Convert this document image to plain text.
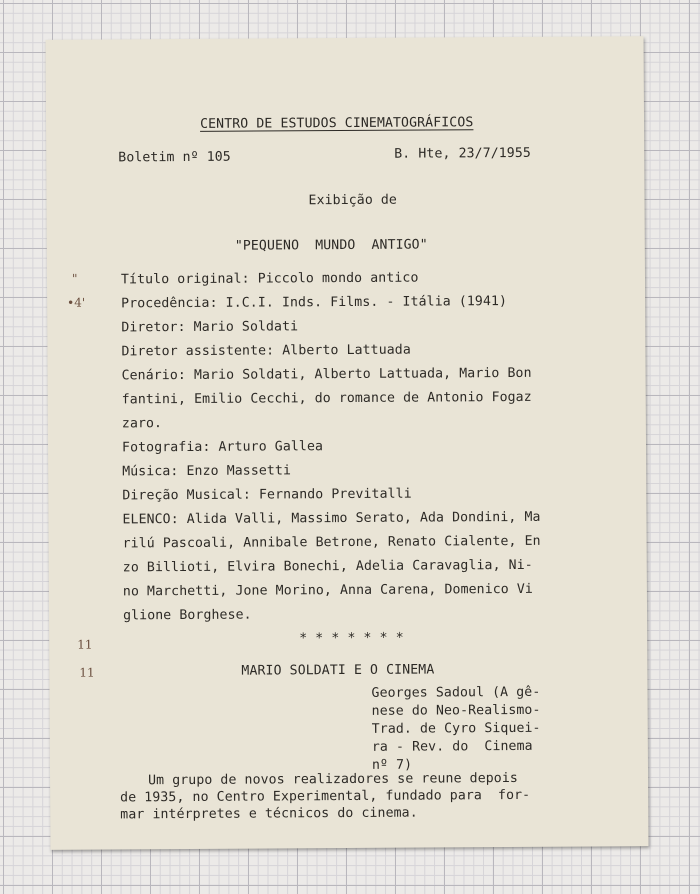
CENTRO DE ESTUDOS CINEMATOGRÁFICOS
Boletim nº 105	B. Hte, 23/7/1955
Exibição de
"PEQUENO  MUNDO  ANTIGO"
"
•4'
Título original: Piccolo mondo antico
Procedência: I.C.I. Inds. Films. - Itália (1941)
Diretor: Mario Soldati
Diretor assistente: Alberto Lattuada
Cenário: Mario Soldati, Alberto Lattuada, Mario Bon
fantini, Emilio Cecchi, do romance de Antonio Fogaz
zaro.
Fotografia: Arturo Gallea
Música: Enzo Massetti
Direção Musical: Fernando Previtalli
ELENCO: Alida Valli, Massimo Serato, Ada Dondini, Ma
rilú Pascoali, Annibale Betrone, Renato Cialente, En
zo Billioti, Elvira Bonechi, Adelia Caravaglia, Ni-
no Marchetti, Jone Morino, Anna Carena, Domenico Vi
glione Borghese.
* * * * * * *
11
11	MARIO SOLDATI E O CINEMA
Georges Sadoul (A gê-
nese do Neo-Realismo-
Trad. de Cyro Siquei-
ra - Rev. do  Cinema
nº 7)
Um grupo de novos realizadores se reune depois
de 1935, no Centro Experimental, fundado para  for-
mar intérpretes e técnicos do cinema.
